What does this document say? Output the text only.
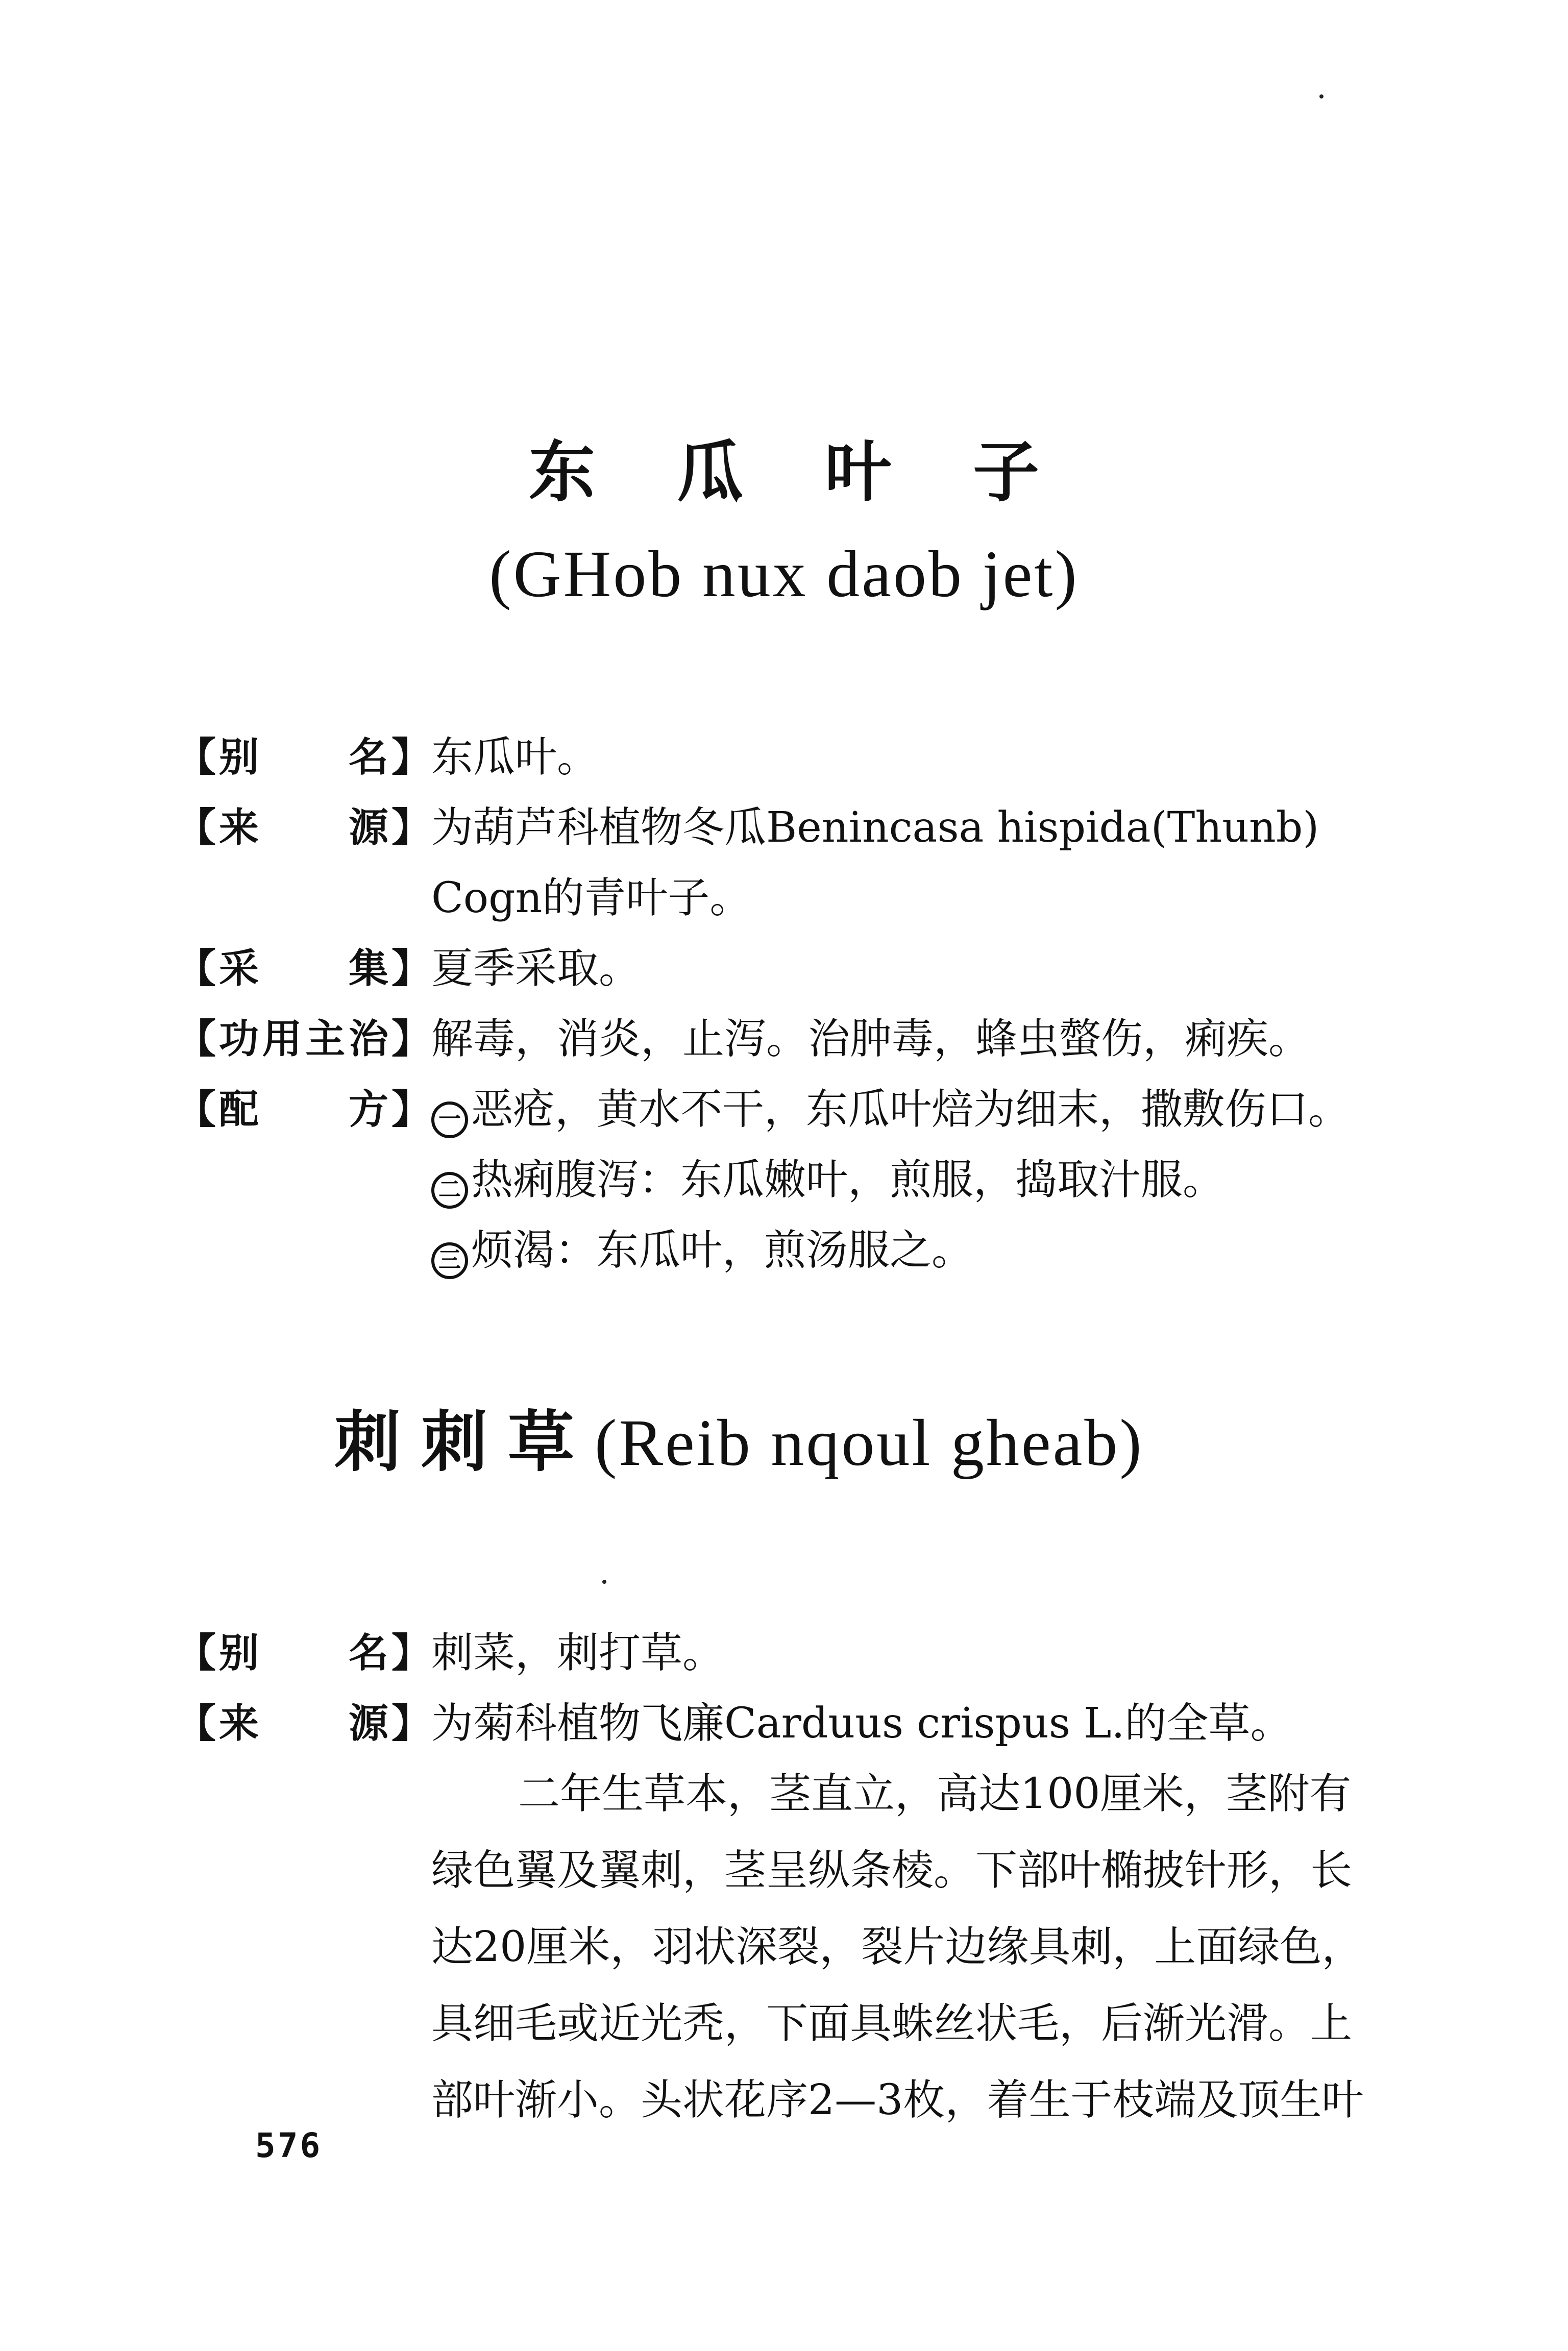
东瓜叶子
(GHob nux daob jet)
【 别 名 】 东瓜叶。
【 来 源 】 为葫芦科植物冬瓜Benincasa hispida(Thunb)
Cogn的青叶子。
【 采 集 】 夏季采取。
【 功 用 主 治 】 解毒，消炎，止泻。治肿毒，蜂虫螫伤，痢疾。
【 配 方 】 一 恶疮，黄水不干，东瓜叶焙为细末，撒敷伤口。
二 热痢腹泻：东瓜嫩叶，煎服，捣取汁服。
三 烦渴：东瓜叶，煎汤服之。
刺刺草(Reib nqoul gheab)
【 别 名 】 刺菜，刺打草。
【 来 源 】 为菊科植物飞廉Carduus crispus L.的全草。
二年生草本，茎直立，高达100厘米，茎附有
绿色翼及翼刺，茎呈纵条棱。下部叶椭披针形，长
达20厘米，羽状深裂，裂片边缘具刺，上面绿色，
具细毛或近光秃，下面具蛛丝状毛，后渐光滑。上
部叶渐小。头状花序2—3枚，着生于枝端及顶生叶
576
